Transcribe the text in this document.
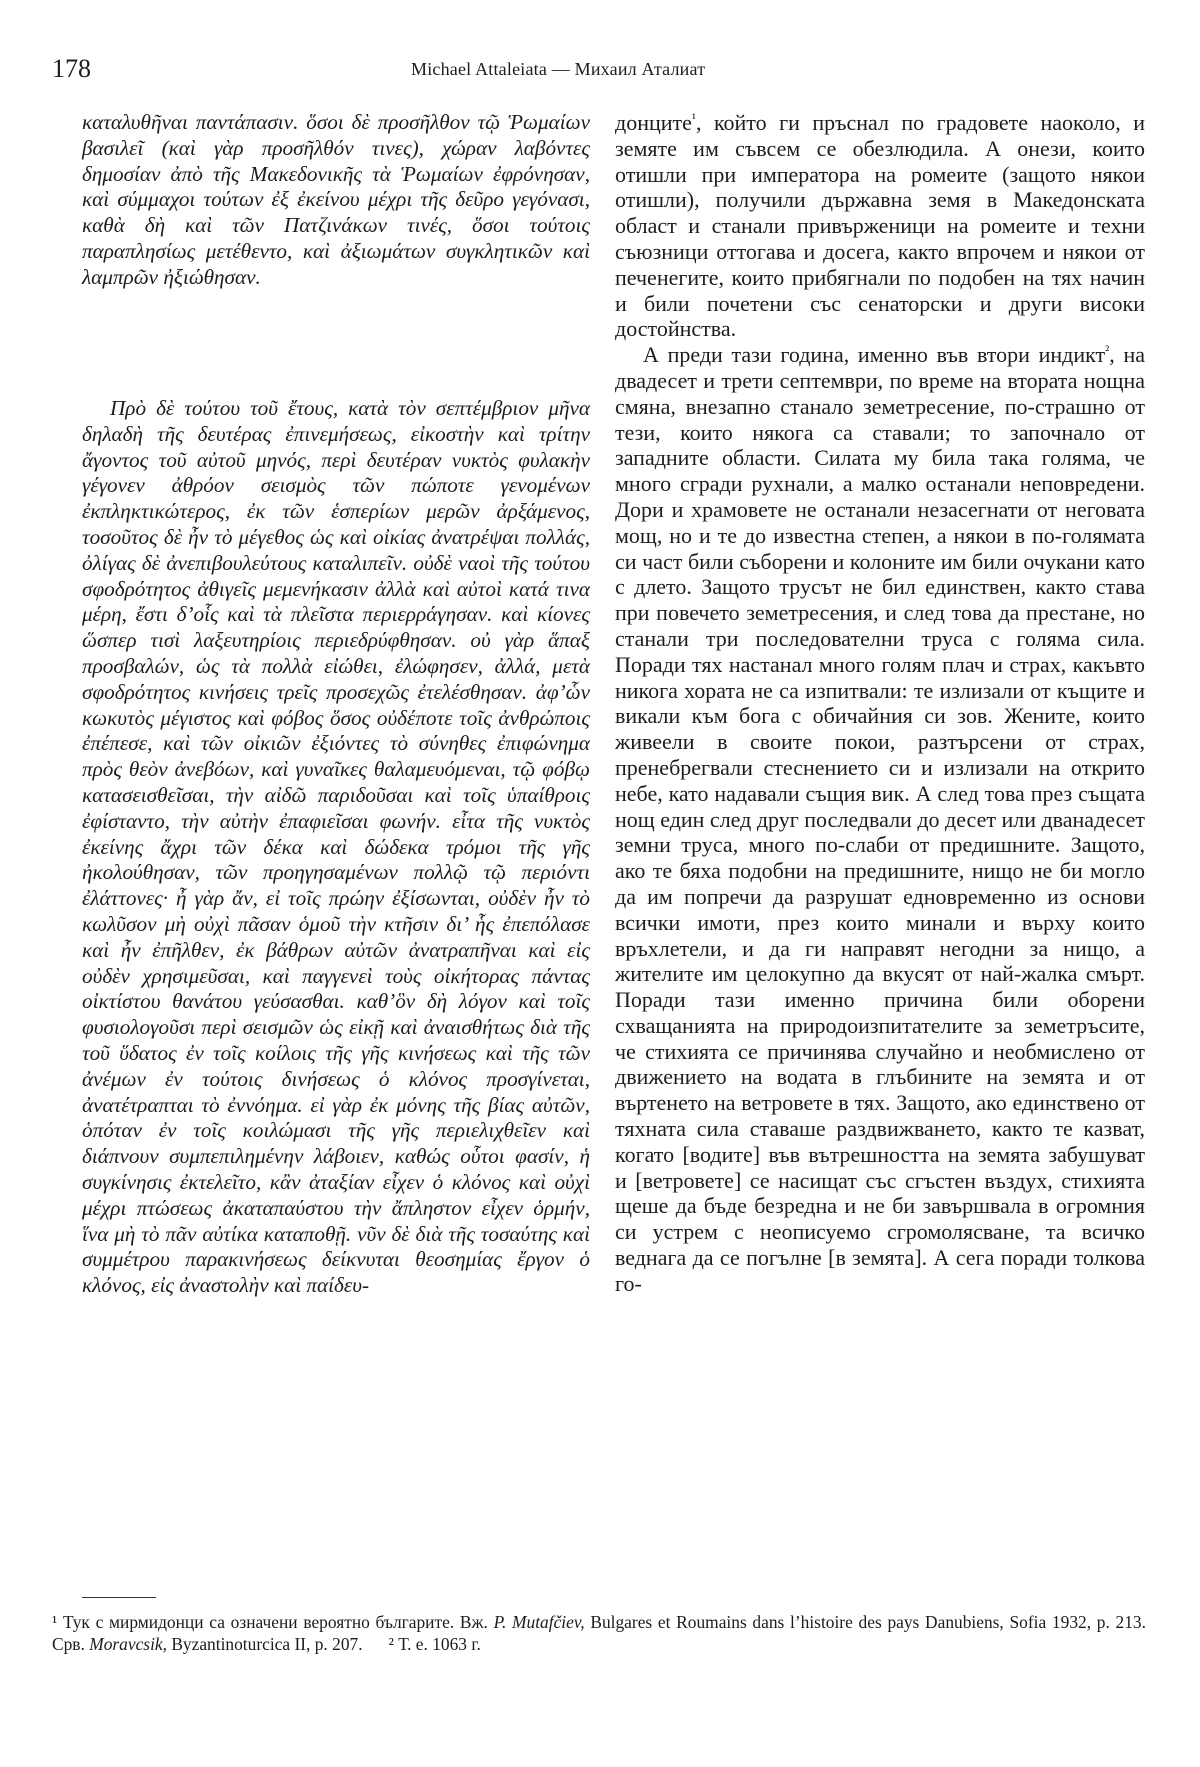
178	Michael Attaleiata — Михаил Аталиат

καταλυθῆναι παντάπασιν. ὅσοι δὲ προσῆλθον τῷ Ῥωμαίων βασιλεῖ (καὶ γὰρ προσῆλθόν τινες), χώραν λαβόντες δημοσίαν ἀπὸ τῆς Μακεδονικῆς τὰ Ῥωμαίων ἐφρόνησαν, καὶ σύμμαχοι τούτων ἐξ ἐκείνου μέχρι τῆς δεῦρο γεγόνασι, καθὰ δὴ καὶ τῶν Πατζινάκων τινές, ὅσοι τούτοις παραπλησίως μετέθεντο, καὶ ἀξιωμάτων συγκλητικῶν καὶ λαμπρῶν ἠξιώθησαν.

Πρὸ δὲ τούτου τοῦ ἔτους, κατὰ τὸν σεπτέμβριον μῆνα δηλαδὴ τῆς δευτέρας ἐπινεμήσεως, εἰκοστὴν καὶ τρίτην ἄγοντος τοῦ αὐτοῦ μηνός, περὶ δευτέραν νυκτὸς φυλακὴν γέγονεν ἀθρόον σεισμὸς τῶν πώποτε γενομένων ἐκπληκτικώτερος, ἐκ τῶν ἑσπερίων μερῶν ἀρξάμενος, τοσοῦτος δὲ ἦν τὸ μέγεθος ὡς καὶ οἰκίας ἀνατρέψαι πολλάς, ὀλίγας δὲ ἀνεπιβουλεύτους καταλιπεῖν. οὐδὲ ναοὶ τῆς τούτου σφοδρότητος ἀθιγεῖς μεμενήκασιν ἀλλὰ καὶ αὐτοὶ κατά τινα μέρη, ἔστι δ’οἷς καὶ τὰ πλεῖστα περιερράγησαν. καὶ κίονες ὥσπερ τισὶ λαξευτηρίοις περιεδρύφθησαν. οὐ γὰρ ἅπαξ προσβαλών, ὡς τὰ πολλὰ εἰώθει, ἐλώφησεν, ἀλλά, μετὰ σφοδρότητος κινήσεις τρεῖς προσεχῶς ἐτελέσθησαν. ἀφ’ὧν κωκυτὸς μέγιστος καὶ φόβος ὅσος οὐδέποτε τοῖς ἀνθρώποις ἐπέπεσε, καὶ τῶν οἰκιῶν ἐξιόντες τὸ σύνηθες ἐπιφώνημα πρὸς θεὸν ἀνεβόων, καὶ γυναῖκες θαλαμευόμεναι, τῷ φόβῳ κατασεισθεῖσαι, τὴν αἰδῶ παριδοῦσαι καὶ τοῖς ὑπαίθροις ἐφίσταντο, τὴν αὐτὴν ἐπαφιεῖσαι φωνήν. εἶτα τῆς νυκτὸς ἐκείνης ἄχρι τῶν δέκα καὶ δώδεκα τρόμοι τῆς γῆς ἠκολούθησαν, τῶν προηγησαμένων πολλῷ τῷ περιόντι ἐλάττονες· ἦ γὰρ ἄν, εἰ τοῖς πρώην ἐξίσωνται, οὐδὲν ἦν τὸ κωλῦσον μὴ οὐχὶ πᾶσαν ὁμοῦ τὴν κτῆσιν δι’ ἧς ἐπεπόλασε καὶ ἦν ἐπῆλθεν, ἐκ βάθρων αὐτῶν ἀνατραπῆναι καὶ εἰς οὐδὲν χρησιμεῦσαι, καὶ παγγενεὶ τοὺς οἰκήτορας πάντας οἰκτίστου θανάτου γεύσασθαι. καθ’ὃν δὴ λόγον καὶ τοῖς φυσιολογοῦσι περὶ σεισμῶν ὡς εἰκῇ καὶ ἀναισθήτως διὰ τῆς τοῦ ὕδατος ἐν τοῖς κοίλοις τῆς γῆς κινήσεως καὶ τῆς τῶν ἀνέμων ἐν τούτοις δινήσεως ὁ κλόνος προσγίνεται, ἀνατέτραπται τὸ ἐννόημα. εἰ γὰρ ἐκ μόνης τῆς βίας αὐτῶν, ὁπόταν ἐν τοῖς κοιλώμασι τῆς γῆς περιελιχθεῖεν καὶ διάπνουν συμπεπιλημένην λάβοιεν, καθώς οὗτοι φασίν, ἡ συγκίνησις ἐκτελεῖτο, κἂν ἀταξίαν εἶχεν ὁ κλόνος καὶ οὐχὶ μέχρι πτώσεως ἀκαταπαύστου τὴν ἄπληστον εἶχεν ὁρμήν, ἵνα μὴ τὸ πᾶν αὐτίκα καταποθῇ. νῦν δὲ διὰ τῆς τοσαύτης καὶ συμμέτρου παρακινήσεως δείκνυται θεοσημίας ἔργον ὁ κλόνος, εἰς ἀναστολὴν καὶ παίδευ-

донците$^{^1}$, който ги пръснал по градовете наоколо, и земяте им съвсем се обезлюдила. А онези, които отишли при императора на ромеите (защото някои отишли), получили държавна земя в Македонската област и станали привърженици на ромеите и техни съюзници оттогава и досега, както впрочем и някои от печенегите, които прибягнали по подобен на тях начин и били почетени със сенаторски и други високи достойнства.

А преди тази година, именно във втори индикт$^{^2}$, на двадесет и трети септември, по време на втората нощна смяна, внезапно станало земетресение, по-страшно от тези, които някога са ставали; то започнало от западните области. Силата му била така голяма, че много сгради рухнали, а малко останали неповредени. Дори и храмовете не останали незасегнати от неговата мощ, но и те до известна степен, а някои в по-голямата си част били съборени и колоните им били очукани като с длето. Защото трусът не бил единствен, както става при повечето земетресения, и след това да престане, но станали три последователни труса с голяма сила. Поради тях настанал много голям плач и страх, какъвто никога хората не са изпитвали: те излизали от къщите и викали към бога с обичайния си зов. Жените, които живеели в своите покои, разтърсени от страх, пренебрегвали стеснението си и излизали на открито небе, като надавали същия вик. А след това през същата нощ един след друг последвали до десет или дванадесет земни труса, много по-слаби от предишните. Защото, ако те бяха подобни на предишните, нищо не би могло да им попречи да разрушат едновременно из основи всички имоти, през които минали и върху които връхлетели, и да ги направят негодни за нищо, а жителите им целокупно да вкусят от най-жалка смърт. Поради тази именно причина били оборени схващанията на природоизпитателите за земетръсите, че стихията се причинява случайно и необмислено от движението на водата в глъбините на земята и от въртенето на ветровете в тях. Защото, ако единствено от тяхната сила ставаше раздвижването, както те казват, когато [водите] във вътрешността на земята забушуват и [ветровете] се насищат със сгъстен въздух, стихията щеше да бъде безредна и не би завършвала в огромния си устрем с неописуемо сгромолясване, та всичко веднага да се погълне [в земята]. А сега поради толкова го-

¹ Тук с мирмидонци са означени вероятно българите. Вж. P. Mutafčiev, Bulgares et Roumains dans l’histoire des pays Danubiens, Sofia 1932, p. 213. Срв. Moravcsik, Byzantinoturcica II, p. 207. ² Т. е. 1063 г.
